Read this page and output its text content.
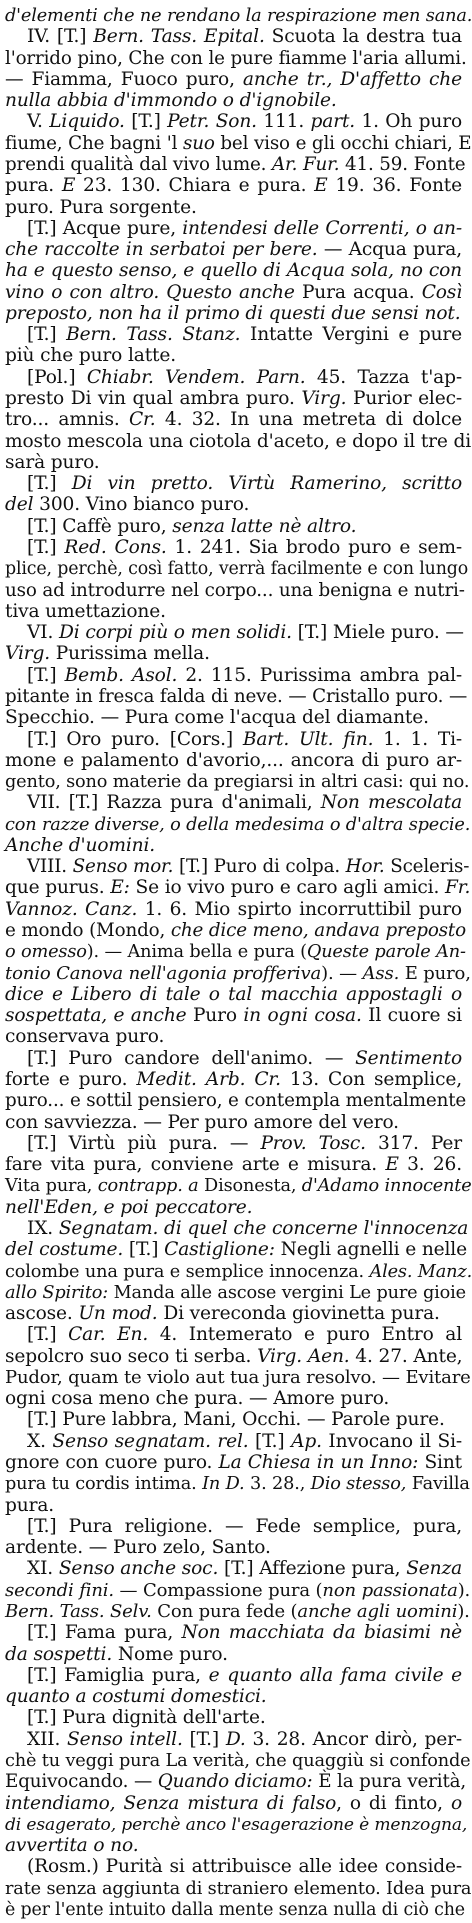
d'elementi che ne rendano la respirazione men sana.
IV. [T.] Bern. Tass. Epital. Scuota la destra tua
l'orrido pino, Che con le pure fiamme l'aria allumi.
— Fiamma, Fuoco puro, anche tr., D'affetto che
nulla abbia d'immondo o d'ignobile.
V. Liquido. [T.] Petr. Son. 111. part. 1. Oh puro
fiume, Che bagni 'l suo bel viso e gli occhi chiari, E
prendi qualità dal vivo lume. Ar. Fur. 41. 59. Fonte
pura. E 23. 130. Chiara e pura. E 19. 36. Fonte
puro. Pura sorgente.
[T.] Acque pure, intendesi delle Correnti, o an-
che raccolte in serbatoi per bere. — Acqua pura,
ha e questo senso, e quello di Acqua sola, no con
vino o con altro. Questo anche Pura acqua. Così
preposto, non ha il primo di questi due sensi not.
[T.] Bern. Tass. Stanz. Intatte Vergini e pure
più che puro latte.
[Pol.] Chiabr. Vendem. Parn. 45. Tazza t'ap-
presto Di vin qual ambra puro. Virg. Purior elec-
tro... amnis. Cr. 4. 32. In una metreta di dolce
mosto mescola una ciotola d'aceto, e dopo il tre di
sarà puro.
[T.] Di vin pretto. Virtù Ramerino, scritto
del 300. Vino bianco puro.
[T.] Caffè puro, senza latte nè altro.
[T.] Red. Cons. 1. 241. Sia brodo puro e sem-
plice, perchè, così fatto, verrà facilmente e con lungo
uso ad introdurre nel corpo... una benigna e nutri-
tiva umettazione.
VI. Di corpi più o men solidi. [T.] Miele puro. —
Virg. Purissima mella.
[T.] Bemb. Asol. 2. 115. Purissima ambra pal-
pitante in fresca falda di neve. — Cristallo puro. —
Specchio. — Pura come l'acqua del diamante.
[T.] Oro puro. [Cors.] Bart. Ult. fin. 1. 1. Ti-
mone e palamento d'avorio,... ancora di puro ar-
gento, sono materie da pregiarsi in altri casi: qui no.
VII. [T.] Razza pura d'animali, Non mescolata
con razze diverse, o della medesima o d'altra specie.
Anche d'uomini.
VIII. Senso mor. [T.] Puro di colpa. Hor. Sceleris-
que purus. E: Se io vivo puro e caro agli amici. Fr.
Vannoz. Canz. 1. 6. Mio spirto incorruttibil puro
e mondo (Mondo, che dice meno, andava preposto
o omesso). — Anima bella e pura (Queste parole An-
tonio Canova nell'agonia profferiva). — Ass. E puro,
dice e Libero di tale o tal macchia appostagli o
sospettata, e anche Puro in ogni cosa. Il cuore si
conservava puro.
[T.] Puro candore dell'animo. — Sentimento
forte e puro. Medit. Arb. Cr. 13. Con semplice,
puro... e sottil pensiero, e contempla mentalmente
con savviezza. — Per puro amore del vero.
[T.] Virtù più pura. — Prov. Tosc. 317. Per
fare vita pura, conviene arte e misura. E 3. 26.
Vita pura, contrapp. a Disonesta, d'Adamo innocente
nell'Eden, e poi peccatore.
IX. Segnatam. di quel che concerne l'innocenza
del costume. [T.] Castiglione: Negli agnelli e nelle
colombe una pura e semplice innocenza. Ales. Manz.
allo Spirito: Manda alle ascose vergini Le pure gioie
ascose. Un mod. Di vereconda giovinetta pura.
[T.] Car. En. 4. Intemerato e puro Entro al
sepolcro suo seco ti serba. Virg. Aen. 4. 27. Ante,
Pudor, quam te violo aut tua jura resolvo. — Evitare
ogni cosa meno che pura. — Amore puro.
[T.] Pure labbra, Mani, Occhi. — Parole pure.
X. Senso segnatam. rel. [T.] Ap. Invocano il Si-
gnore con cuore puro. La Chiesa in un Inno: Sint
pura tu cordis intima. In D. 3. 28., Dio stesso, Favilla
pura.
[T.] Pura religione. — Fede semplice, pura,
ardente. — Puro zelo, Santo.
XI. Senso anche soc. [T.] Affezione pura, Senza
secondi fini. — Compassione pura (non passionata).
Bern. Tass. Selv. Con pura fede (anche agli uomini).
[T.] Fama pura, Non macchiata da biasimi nè
da sospetti. Nome puro.
[T.] Famiglia pura, e quanto alla fama civile e
quanto a costumi domestici.
[T.] Pura dignità dell'arte.
XII. Senso intell. [T.] D. 3. 28. Ancor dirò, per-
chè tu veggi pura La verità, che quaggiù si confonde
Equivocando. — Quando diciamo: È la pura verità,
intendiamo, Senza mistura di falso, o di finto, o
di esagerato, perchè anco l'esagerazione è menzogna,
avvertita o no.
(Rosm.) Purità si attribuisce alle idee conside-
rate senza aggiunta di straniero elemento. Idea pura
è per l'ente intuito dalla mente senza nulla di ciò che
